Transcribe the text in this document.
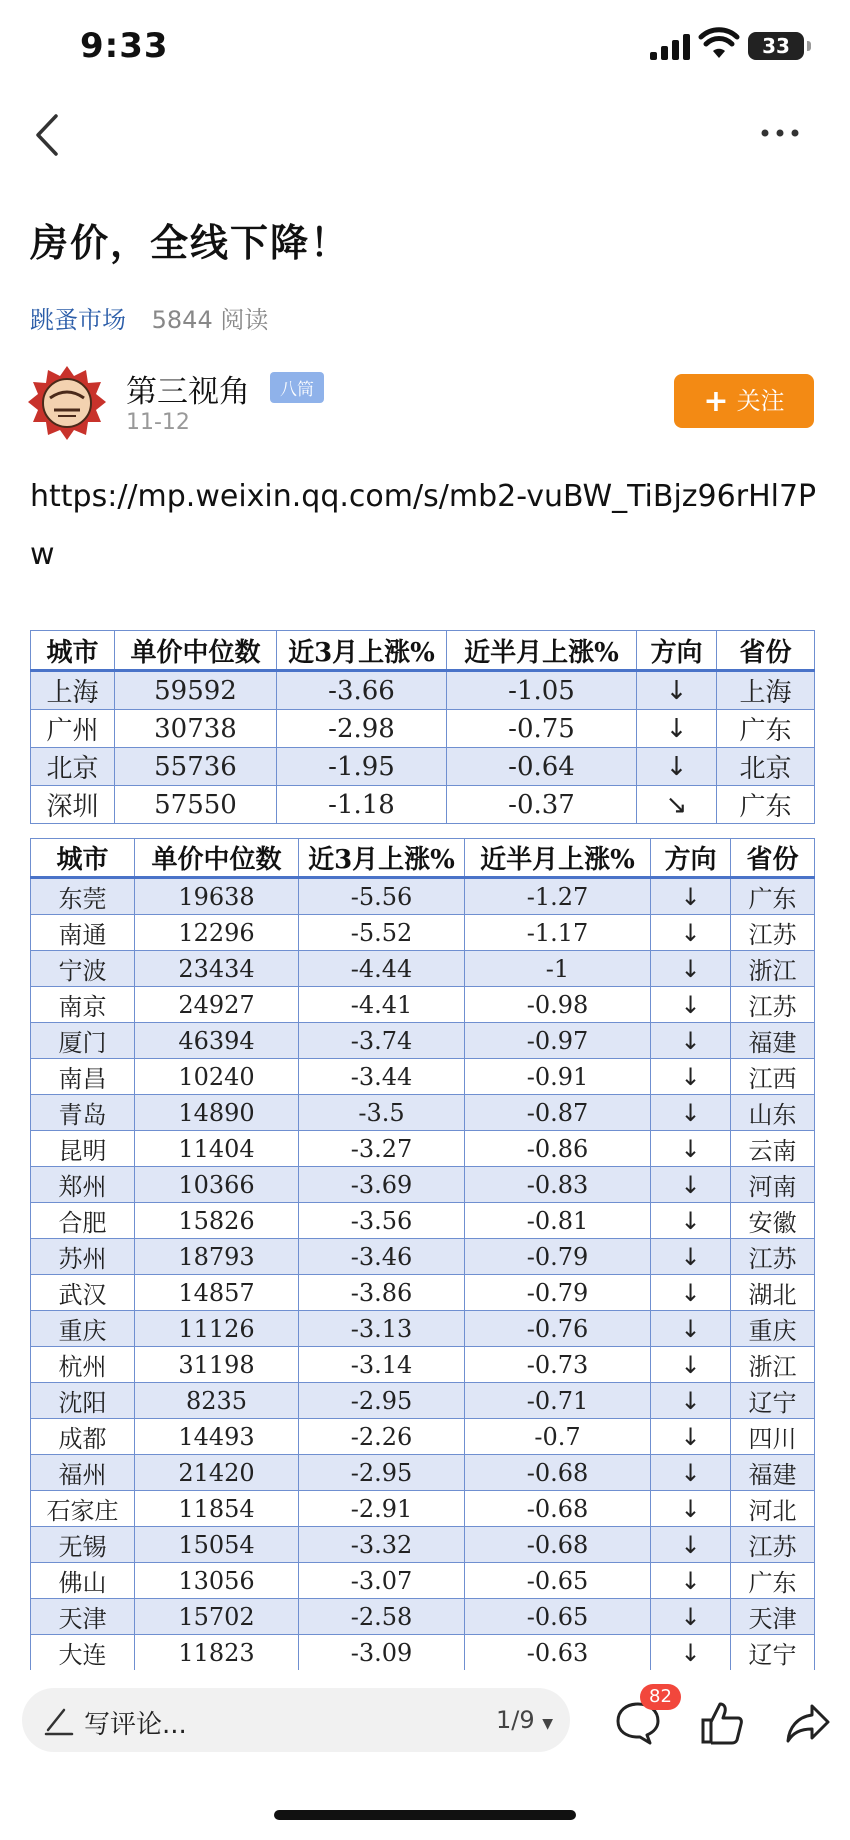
9:33	33
房价，全线下降！
跳蚤市场 5844 阅读
第三视角	八筒
11-12
+ 关注
https://mp.weixin.qq.com/s/mb2-vuBW_TiBjz96rHl7Pw
城市	单价中位数	近3月上涨%	近半月上涨%	方向	省份
上海	59592	-3.66	-1.05	↓	上海
广州	30738	-2.98	-0.75	↓	广东
北京	55736	-1.95	-0.64	↓	北京
深圳	57550	-1.18	-0.37	↘	广东
城市	单价中位数	近3月上涨%	近半月上涨%	方向	省份
东莞	19638	-5.56	-1.27	↓	广东
南通	12296	-5.52	-1.17	↓	江苏
宁波	23434	-4.44	-1	↓	浙江
南京	24927	-4.41	-0.98	↓	江苏
厦门	46394	-3.74	-0.97	↓	福建
南昌	10240	-3.44	-0.91	↓	江西
青岛	14890	-3.5	-0.87	↓	山东
昆明	11404	-3.27	-0.86	↓	云南
郑州	10366	-3.69	-0.83	↓	河南
合肥	15826	-3.56	-0.81	↓	安徽
苏州	18793	-3.46	-0.79	↓	江苏
武汉	14857	-3.86	-0.79	↓	湖北
重庆	11126	-3.13	-0.76	↓	重庆
杭州	31198	-3.14	-0.73	↓	浙江
沈阳	8235	-2.95	-0.71	↓	辽宁
成都	14493	-2.26	-0.7	↓	四川
福州	21420	-2.95	-0.68	↓	福建
石家庄	11854	-2.91	-0.68	↓	河北
无锡	15054	-3.32	-0.68	↓	江苏
佛山	13056	-3.07	-0.65	↓	广东
天津	15702	-2.58	-0.65	↓	天津
大连	11823	-3.09	-0.63	↓	辽宁

写评论...	1/9 ▼
82
